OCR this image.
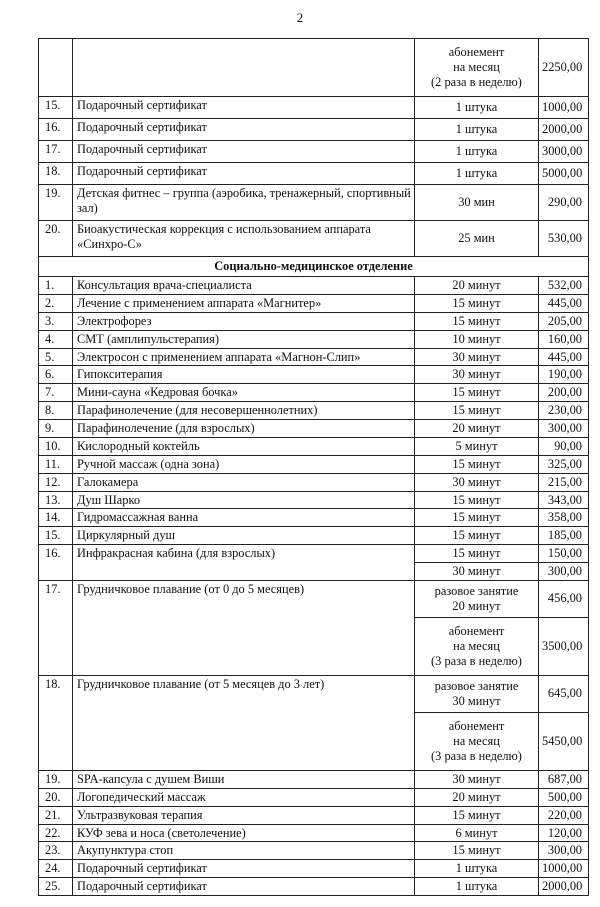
2
		абонемент
на месяц
(2 раза в неделю)	2250,00
15.	Подарочный сертификат	1 штука	1000,00
16.	Подарочный сертификат	1 штука	2000,00
17.	Подарочный сертификат	1 штука	3000,00
18.	Подарочный сертификат	1 штука	5000,00
19.	Детская фитнес – группа (аэробика, тренажерный, спортивный зал)	30 мин	290,00
20.	Биоакустическая коррекция с использованием аппарата «Синхро-С»	25 мин	530,00
Социально-медицинское отделение			
1.	Консультация врача-специалиста	20 минут	532,00
2.	Лечение с применением аппарата «Магнитер»	15 минут	445,00
3.	Электрофорез	15 минут	205,00
4.	СМТ (амплипульстерапия)	10 минут	160,00
5.	Электросон с применением аппарата «Магнон-Слип»	30 минут	445,00
6.	Гипокситерапия	30 минут	190,00
7.	Мини-сауна «Кедровая бочка»	15 минут	200,00
8.	Парафинолечение (для несовершеннолетних)	15 минут	230,00
9.	Парафинолечение (для взрослых)	20 минут	300,00
10.	Кислородный коктейль	5 минут	90,00
11.	Ручной массаж (одна зона)	15 минут	325,00
12.	Галокамера	30 минут	215,00
13.	Душ Шарко	15 минут	343,00
14.	Гидромассажная ванна	15 минут	358,00
15.	Циркулярный душ	15 минут	185,00
16.	Инфракрасная кабина (для взрослых)	15 минут	150,00
		30 минут	300,00
17.	Грудничковое плавание (от 0 до 5 месяцев)	разовое занятие
20 минут	456,00
		абонемент
на месяц
(3 раза в неделю)	3500,00
18.	Грудничковое плавание (от 5 месяцев до 3 лет)	разовое занятие
30 минут	645,00
		абонемент
на месяц
(3 раза в неделю)	5450,00
19.	SPA-капсула с душем Виши	30 минут	687,00
20.	Логопедический массаж	20 минут	500,00
21.	Ультразвуковая терапия	15 минут	220,00
22.	КУФ зева и носа (светолечение)	6 минут	120,00
23.	Акупунктура стоп	15 минут	300,00
24.	Подарочный сертификат	1 штука	1000,00
25.	Подарочный сертификат	1 штука	2000,00
